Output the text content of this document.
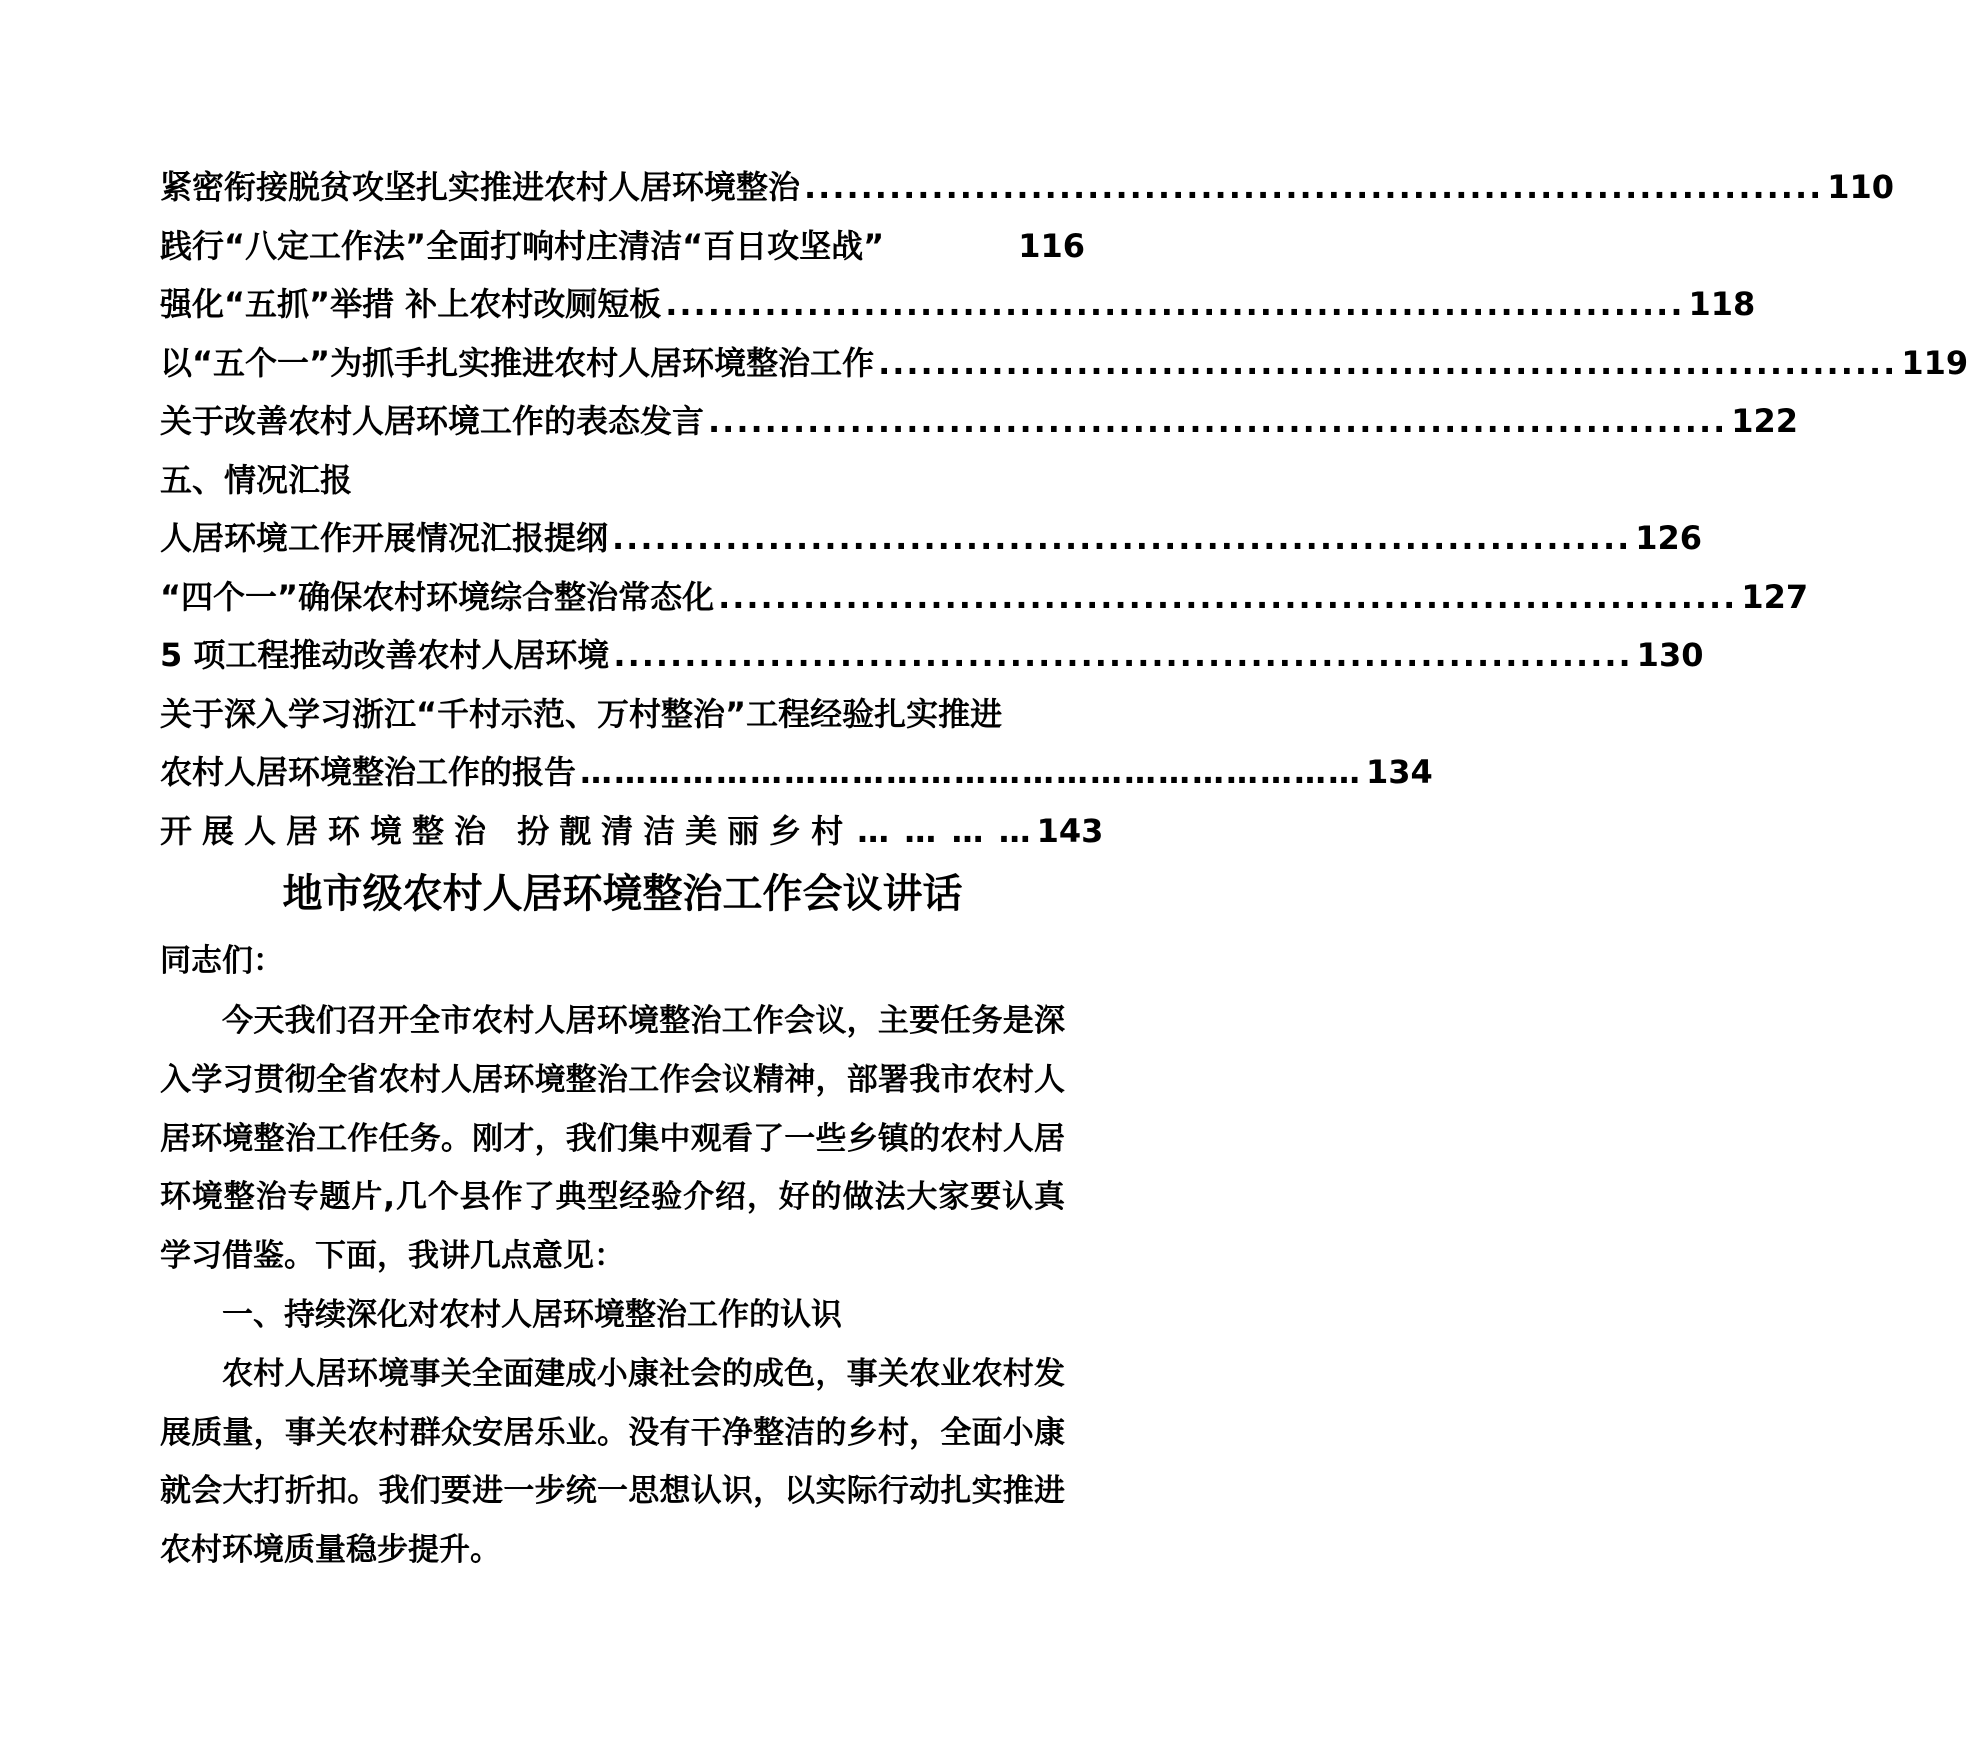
紧密衔接脱贫攻坚扎实推进农村人居环境整治 ........................................................................ 110
践行“八定工作法”全面打响村庄清洁“百日攻坚战”	116
强化“五抓”举措 补上农村改厕短板 ........................................................................ 118
以“五个一”为抓手扎实推进农村人居环境整治工作 ........................................................................ 119
关于改善农村人居环境工作的表态发言 ........................................................................ 122
五、情况汇报
人居环境工作开展情况汇报提纲 ........................................................................ 126
“四个一”确保农村环境综合整治常态化 ........................................................................ 127
5 项工程推动改善农村人居环境 ........................................................................ 130
关于深入学习浙江“千村示范、万村整治”工程经验扎实推进
农村人居环境整治工作的报告 …………………………………………………………… 134
开展人居环境整治 扮靓清洁美丽乡村 … … … … 143
地市级农村人居环境整治工作会议讲话
同志们：

今天我们召开全市农村人居环境整治工作会议，主要任务是深入学习贯彻全省农村人居环境整治工作会议精神，部署我市农村人居环境整治工作任务。刚才，我们集中观看了一些乡镇的农村人居环境整治专题片,几个县作了典型经验介绍，好的做法大家要认真学习借鉴。下面，我讲几点意见：

一、持续深化对农村人居环境整治工作的认识

农村人居环境事关全面建成小康社会的成色，事关农业农村发展质量，事关农村群众安居乐业。没有干净整洁的乡村，全面小康就会大打折扣。我们要进一步统一思想认识，以实际行动扎实推进农村环境质量稳步提升。
